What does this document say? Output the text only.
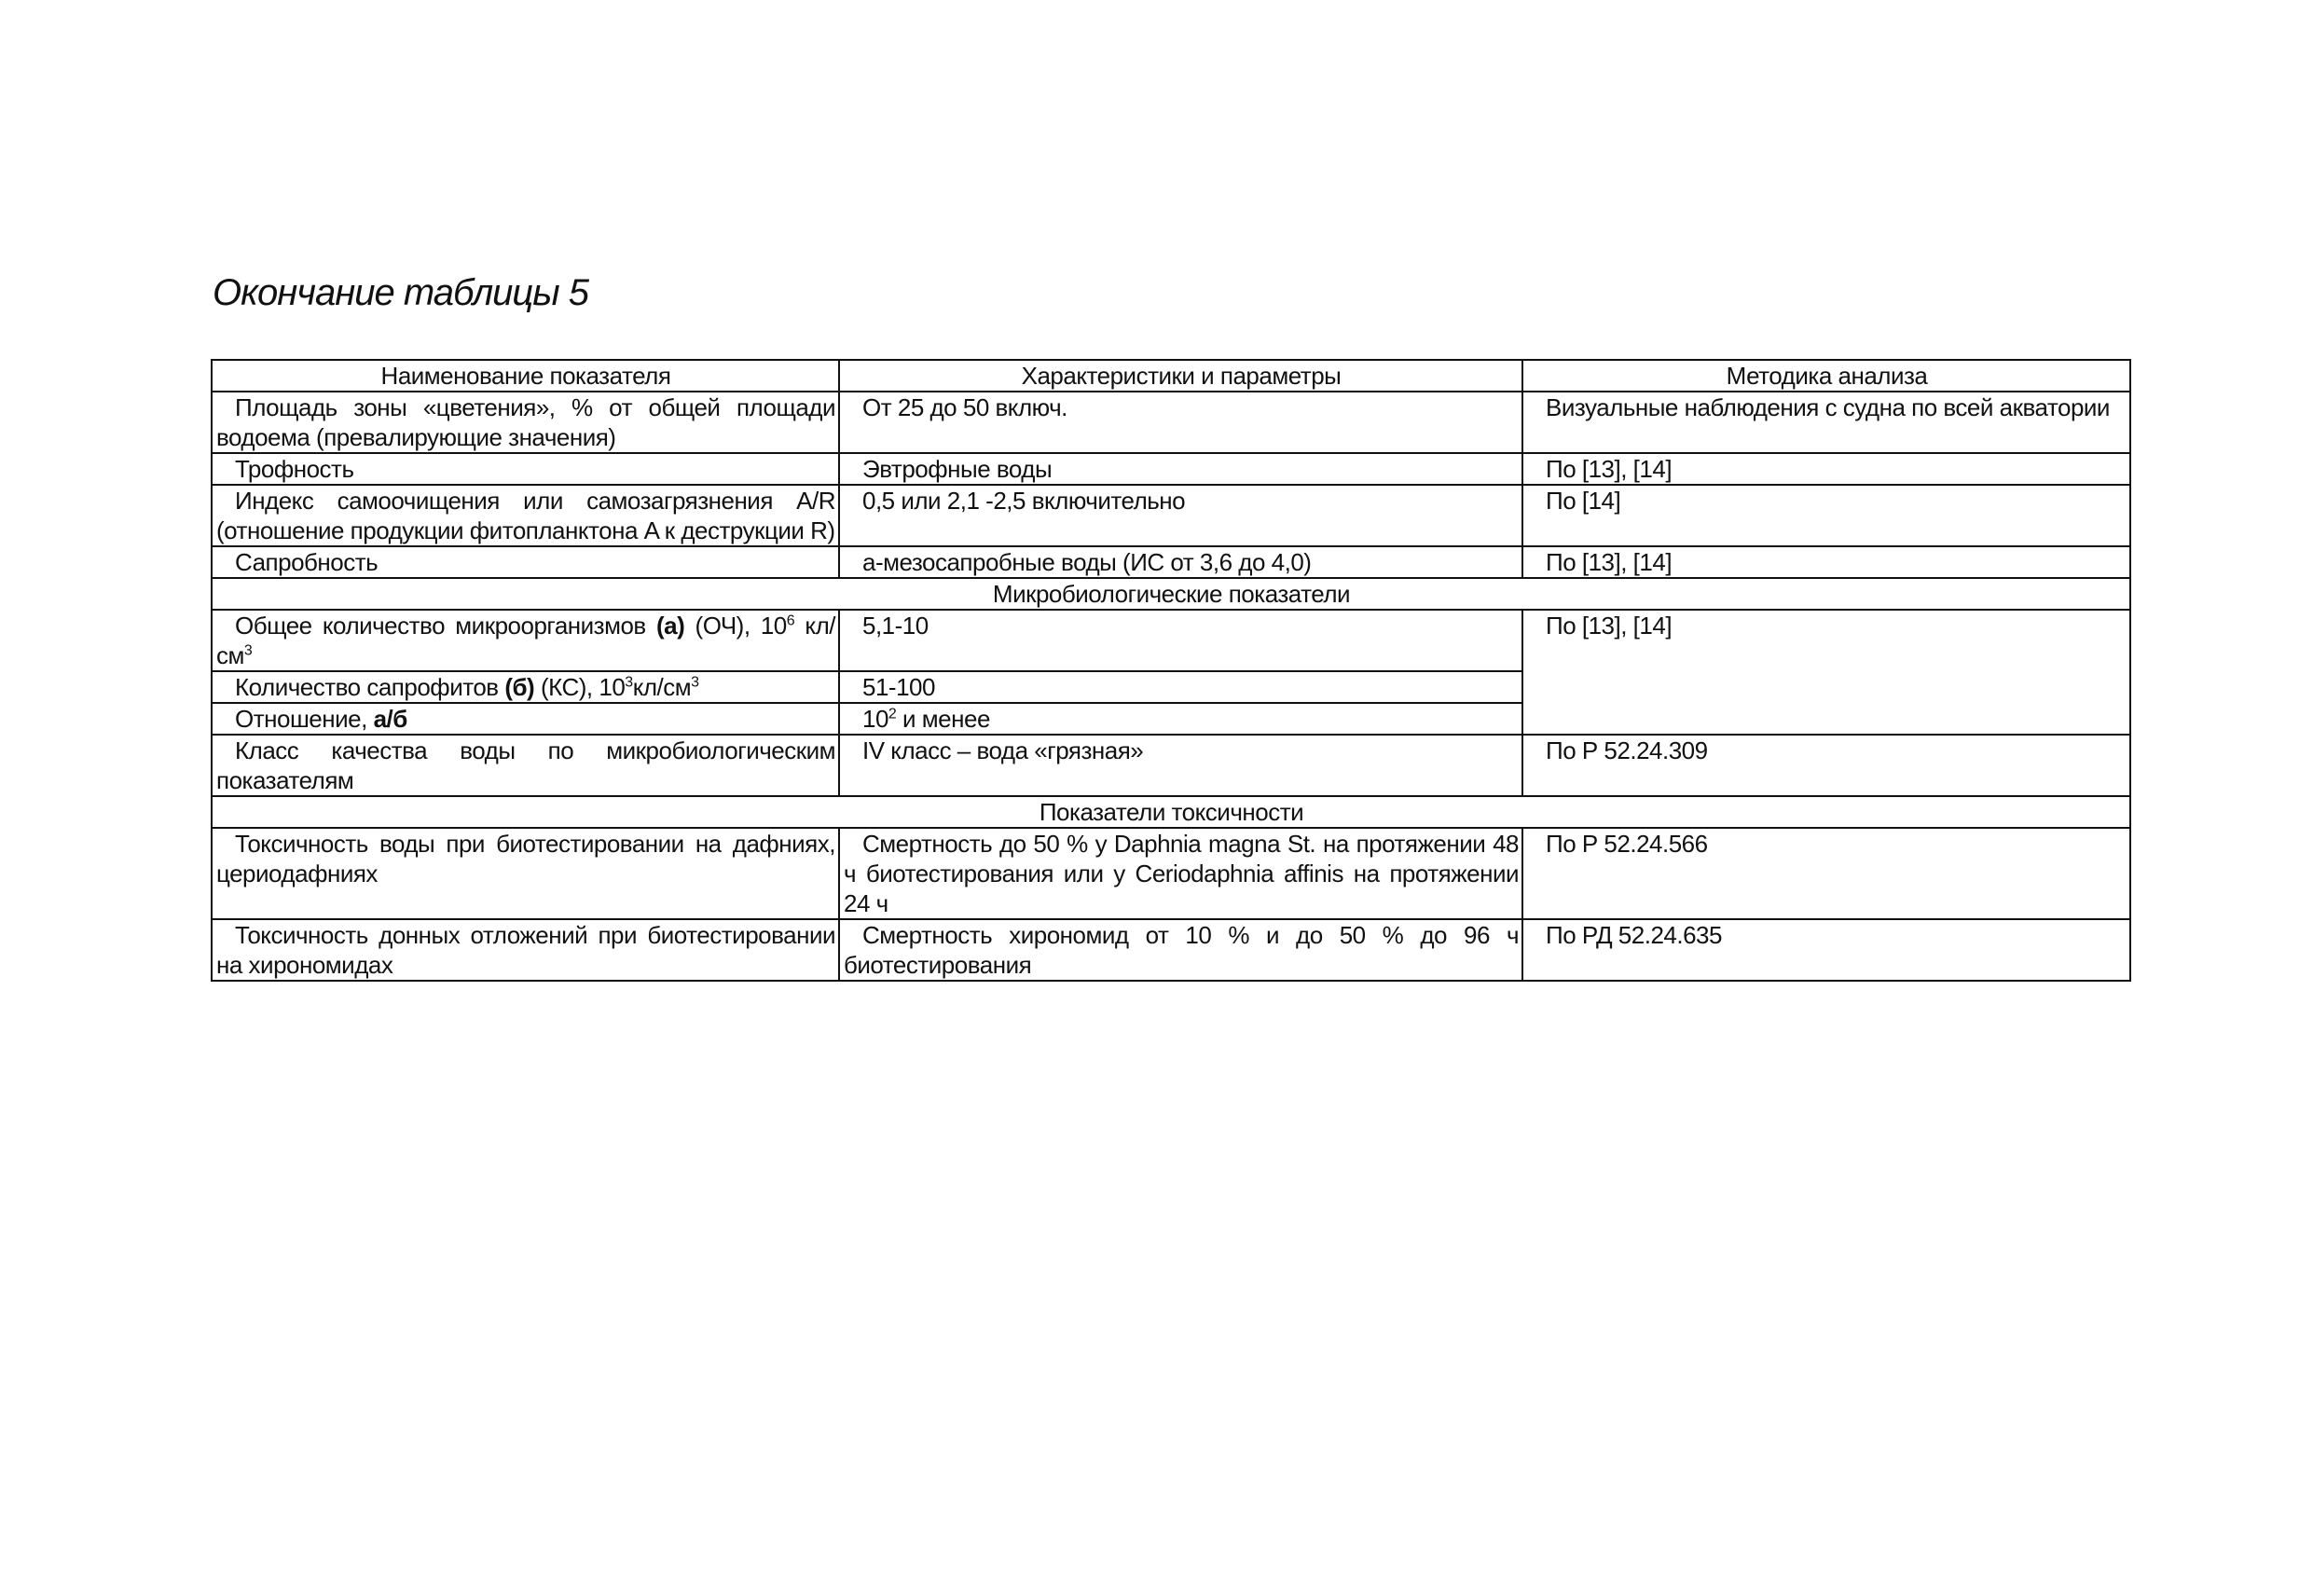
Окончание таблицы 5
Наименование показателя	Характеристики и параметры	Методика анализа
Площадь зоны «цветения», % от общей площади водоема (превалирующие значения)	От 25 до 50 включ.	Визуальные наблюдения с судна по всей акватории
Трофность	Эвтрофные воды	По [13], [14]
Индекс самоочищения или самозагрязнения A/R (отношение продукции фитопланктона A к деструкции R)	0,5 или 2,1 -2,5 включительно	По [14]
Сапробность	а-мезосапробные воды (ИС от 3,6 до 4,0)	По [13], [14]
Микробиологические показатели		
Общее количество микроорганизмов (а) (ОЧ), $10^6$ $кл/см^3$	5,1-10	По [13], [14]
Количество сапрофитов (б) (КС), $10^3кл/см^3$	51-100	
Отношение, а/б	$10^2$ и менее	
Класс качества воды по микробиологическим показателям	IV класс – вода «грязная»	По Р 52.24.309
Показатели токсичности		
Токсичность воды при биотестировании на дафниях, цериодафниях	Смертность до 50 % у Daphnia magna St. на протяжении 48 ч биотестирования или у Ceriodaphnia affinis на протяжении 24 ч	По Р 52.24.566
Токсичность донных отложений при биотестировании на хирономидах	Смертность хирономид от 10 % и до 50 % до 96 ч биотестирования	По РД 52.24.635
